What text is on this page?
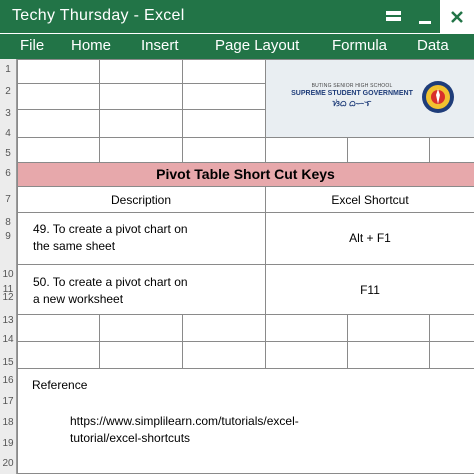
Techy Thursday - Excel
File Home Insert Page Layout Formula Data
1
2
3
4
5
6
7
8
9
10
11
12
13
14
15
16
17
18
19
20
BUTING SENIOR HIGH SCHOOL
SUPREME STUDENT GOVERNMENT
ᜐᜒᜊ ᜊᜑᜎ
Pivot Table Short Cut Keys
Description	Excel Shortcut
49. To create a pivot chart on
the same sheet
Alt + F1
50. To create a pivot chart on
a new worksheet
F11
Reference
https://www.simplilearn.com/tutorials/excel-
tutorial/excel-shortcuts
